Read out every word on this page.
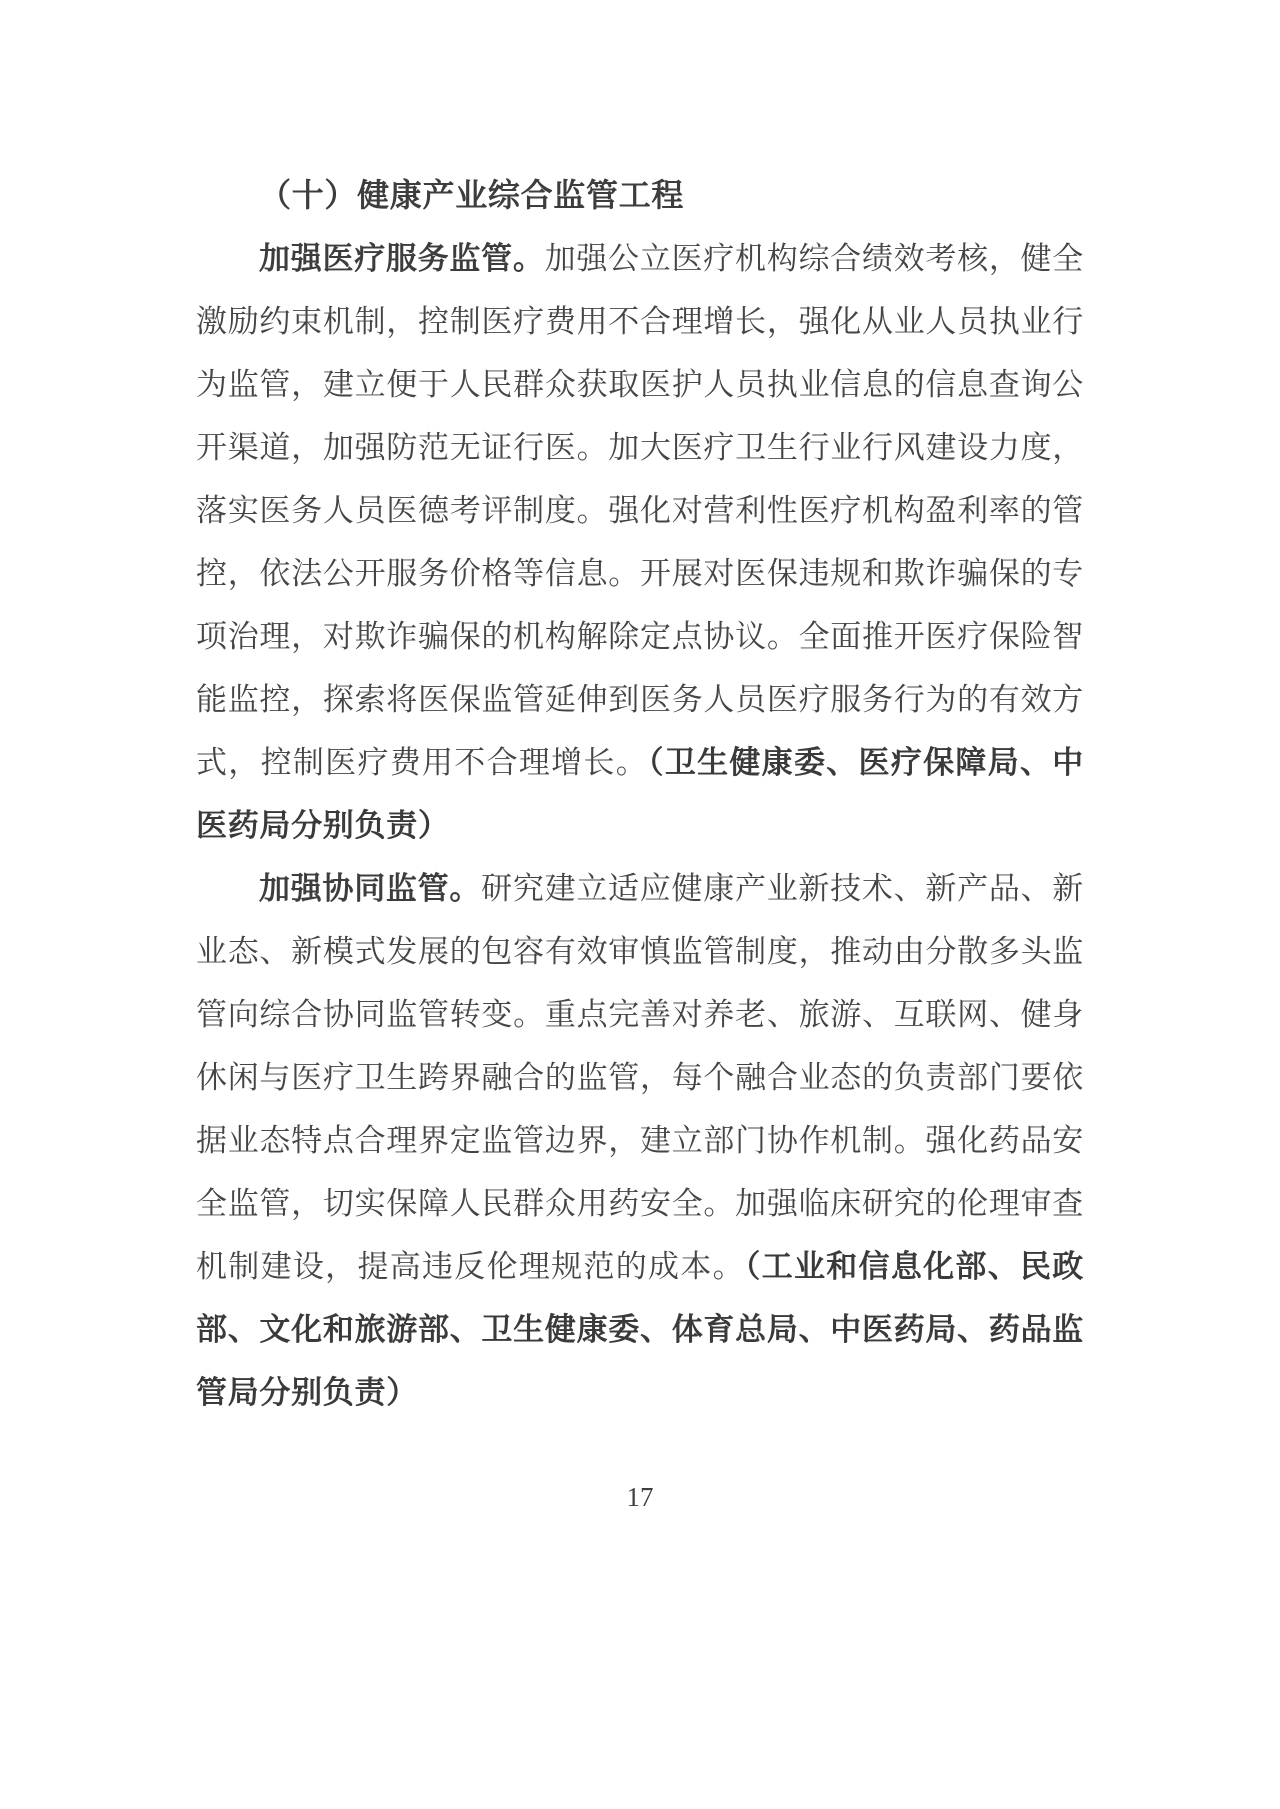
（十）健康产业综合监管工程
加强医疗服务监管。加强公立医疗机构综合绩效考核，健全
激励约束机制，控制医疗费用不合理增长，强化从业人员执业行
为监管，建立便于人民群众获取医护人员执业信息的信息查询公
开渠道，加强防范无证行医。加大医疗卫生行业行风建设力度，
落实医务人员医德考评制度。强化对营利性医疗机构盈利率的管
控，依法公开服务价格等信息。开展对医保违规和欺诈骗保的专
项治理，对欺诈骗保的机构解除定点协议。全面推开医疗保险智
能监控，探索将医保监管延伸到医务人员医疗服务行为的有效方
式，控制医疗费用不合理增长。（卫生健康委、医疗保障局、中
医药局分别负责）
加强协同监管。研究建立适应健康产业新技术、新产品、新
业态、新模式发展的包容有效审慎监管制度，推动由分散多头监
管向综合协同监管转变。重点完善对养老、旅游、互联网、健身
休闲与医疗卫生跨界融合的监管，每个融合业态的负责部门要依
据业态特点合理界定监管边界，建立部门协作机制。强化药品安
全监管，切实保障人民群众用药安全。加强临床研究的伦理审查
机制建设，提高违反伦理规范的成本。（工业和信息化部、民政
部、文化和旅游部、卫生健康委、体育总局、中医药局、药品监
管局分别负责）
17
